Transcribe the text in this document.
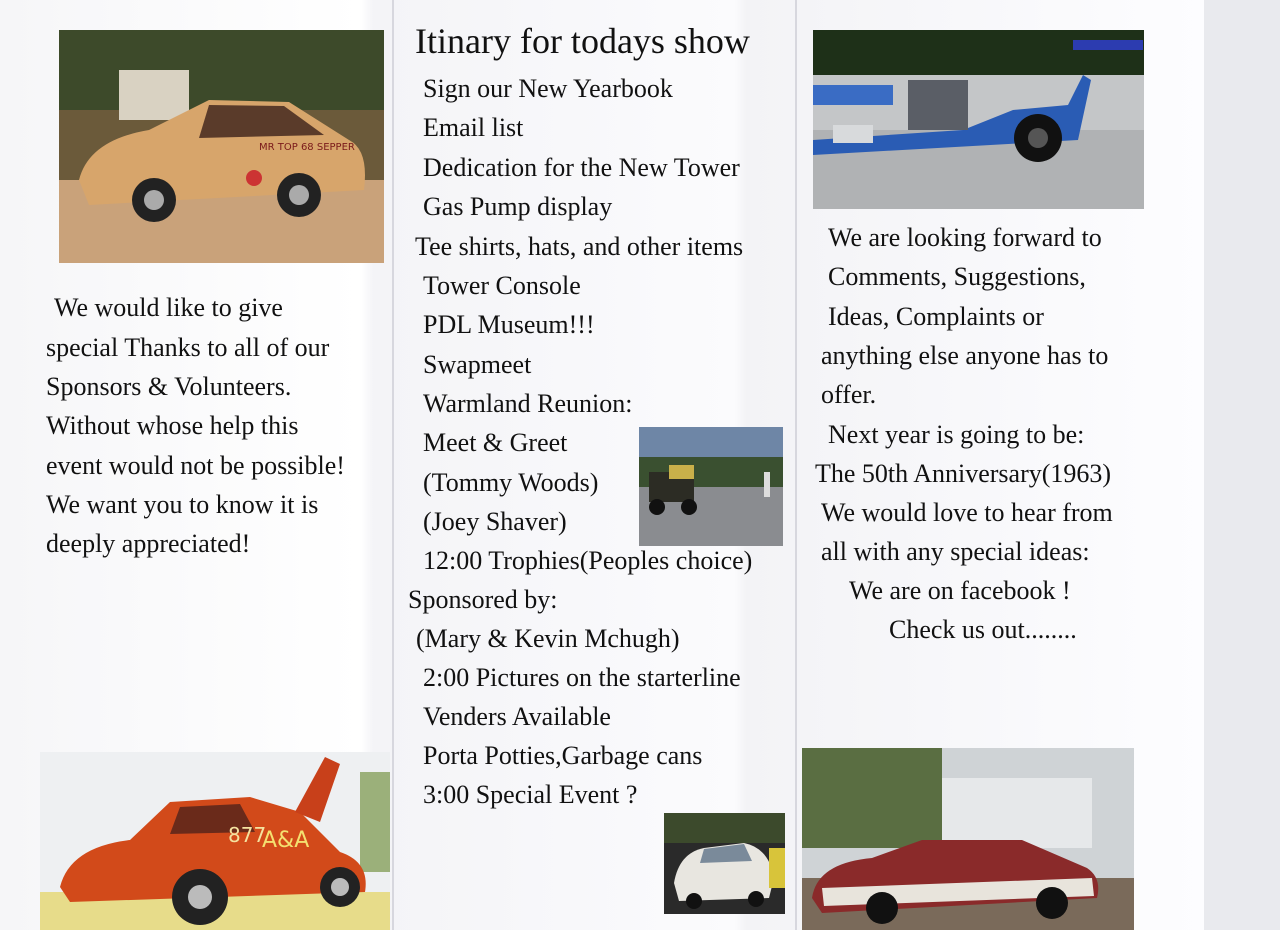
MR TOP 68 SEPPER
We would like to give
special Thanks to all of our
Sponsors & Volunteers.
Without whose help this
event would not be possible!
We want you to know it is
deeply appreciated!
877
A&A
Itinary for todays show
Sign our New Yearbook
Email list
Dedication for the New Tower
Gas Pump display
Tee shirts, hats, and other items
Tower Console
PDL Museum!!!
Swapmeet
Warmland Reunion:
Meet & Greet
(Tommy Woods)
(Joey Shaver)
12:00 Trophies(Peoples choice)
Sponsored by:
(Mary & Kevin Mchugh)
2:00 Pictures on the starterline
Venders Available
Porta Potties,Garbage cans
3:00 Special Event ?
We are looking forward to
Comments, Suggestions,
Ideas, Complaints or
anything else anyone has to
offer.
Next year is going to be:
The 50th Anniversary(1963)
We would love to hear from
all with any special ideas:
We are on facebook !
Check us out........
